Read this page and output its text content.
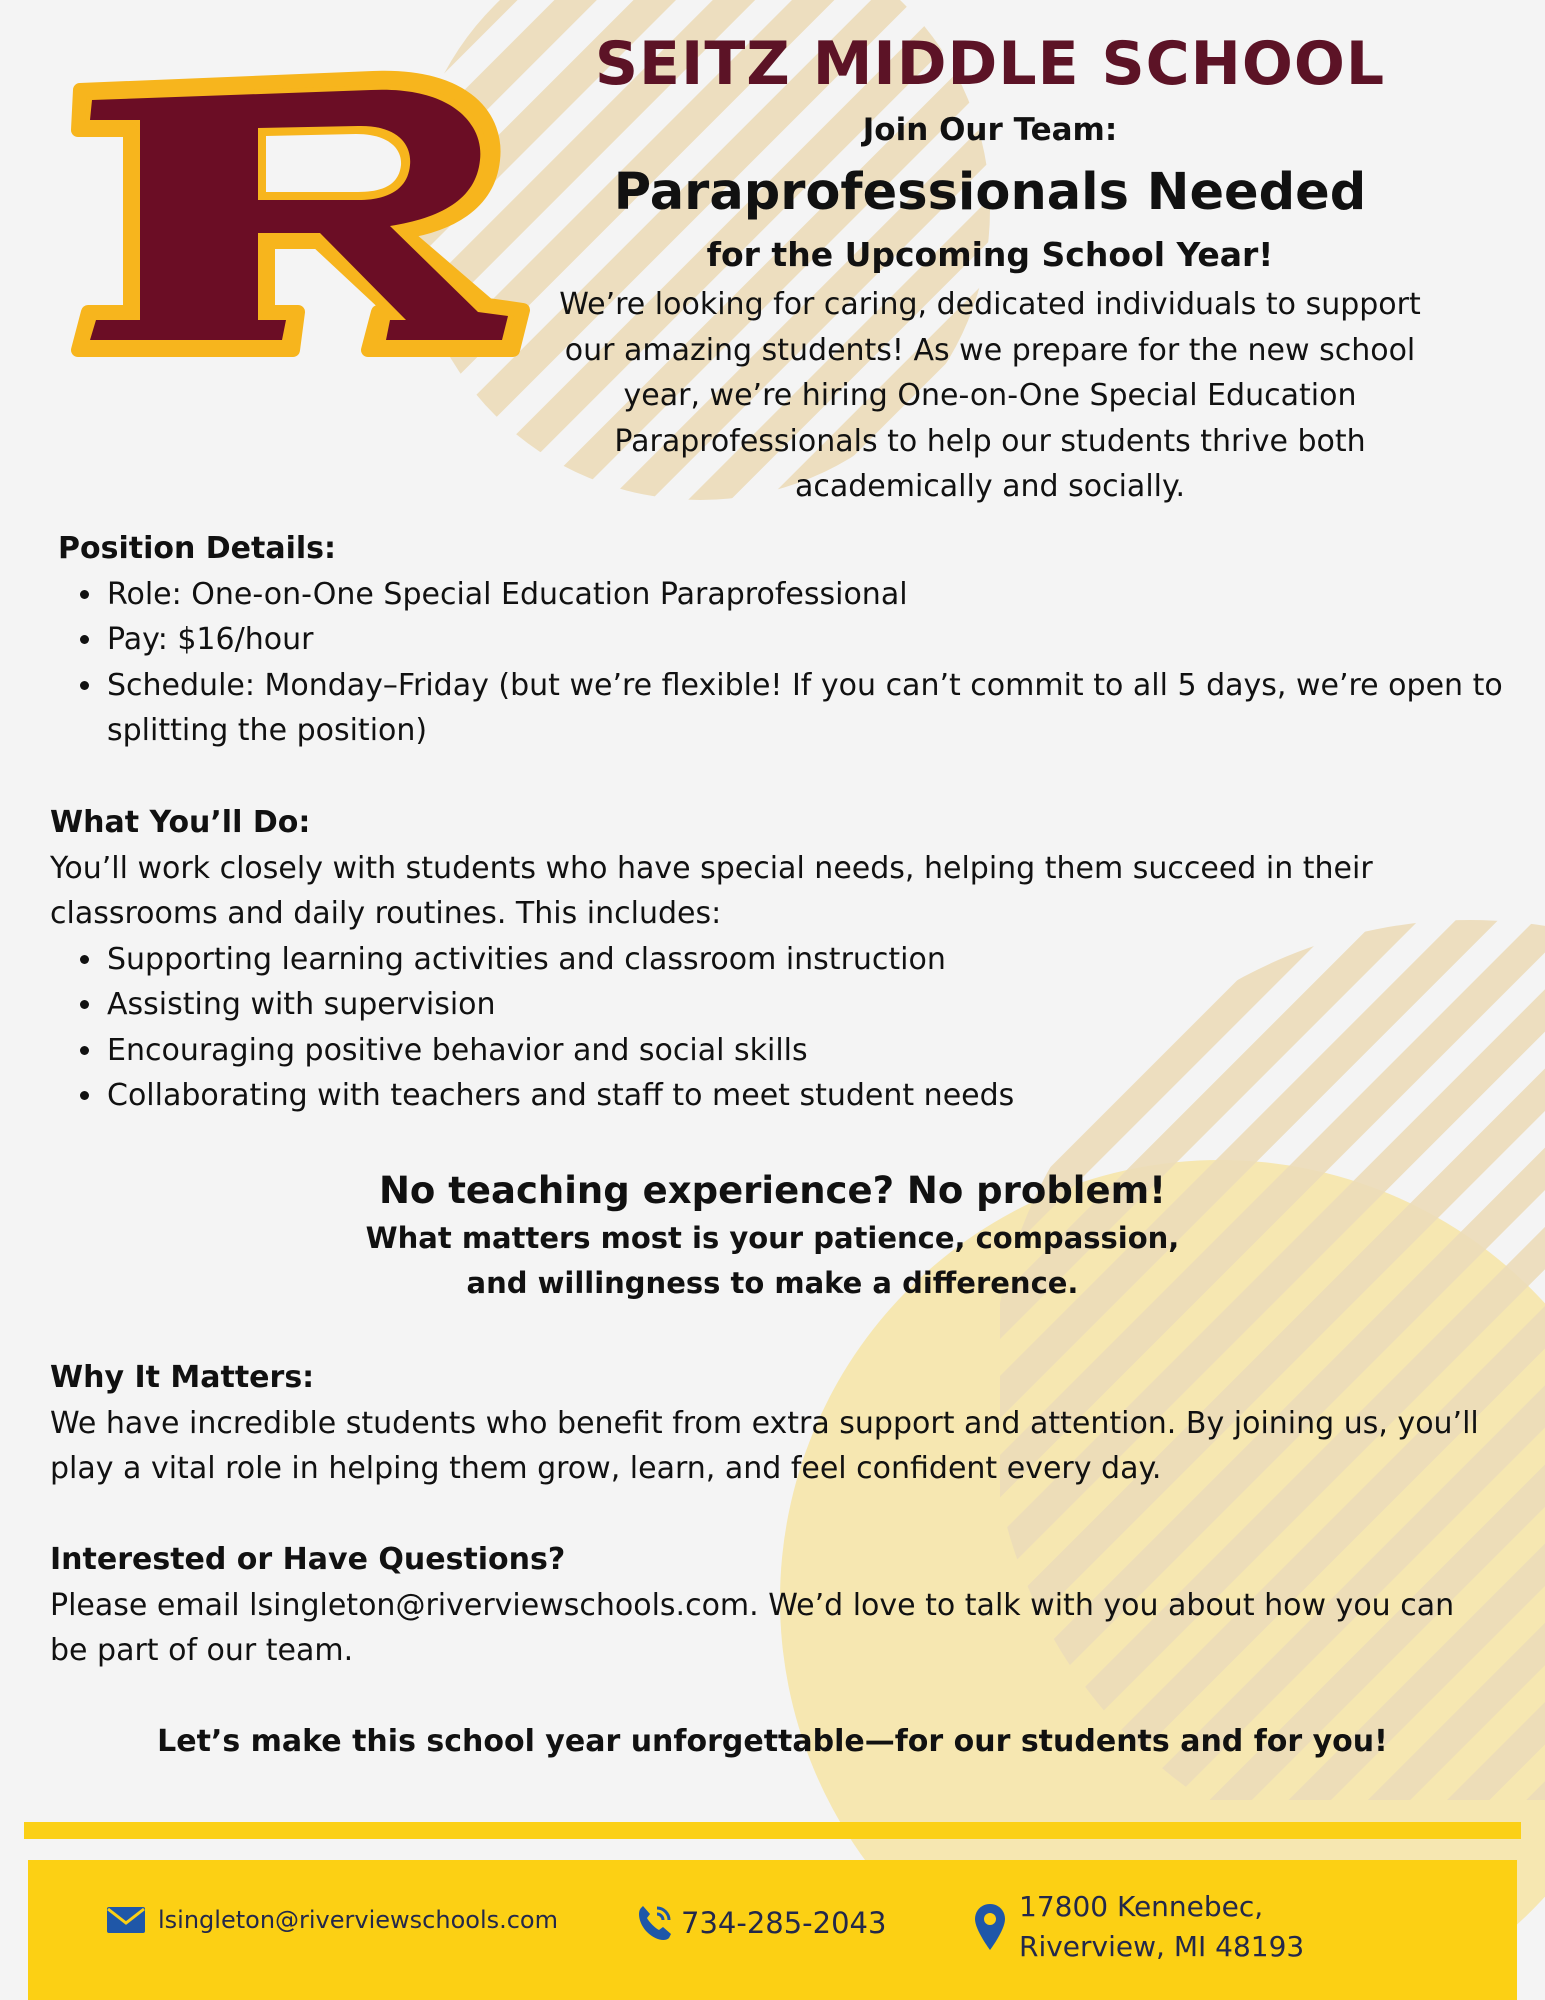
SEITZ MIDDLE SCHOOL
Join Our Team:
Paraprofessionals Needed
for the Upcoming School Year!
We’re looking for caring, dedicated individuals to support our amazing students! As we prepare for the new school year, we’re hiring One-on-One Special Education Paraprofessionals to help our students thrive both academically and socially.
Position Details:
• Role: One-on-One Special Education Paraprofessional
• Pay: $16/hour
• Schedule: Monday–Friday (but we’re flexible! If you can’t commit to all 5 days, we’re open to splitting the position)
What You’ll Do:

You’ll work closely with students who have special needs, helping them succeed in their classrooms and daily routines. This includes:

• Supporting learning activities and classroom instruction
• Assisting with supervision
• Encouraging positive behavior and social skills
• Collaborating with teachers and staff to meet student needs
No teaching experience? No problem!
What matters most is your patience, compassion,
and willingness to make a difference.
Why It Matters:

We have incredible students who benefit from extra support and attention. By joining us, you’ll play a vital role in helping them grow, learn, and feel confident every day.

Interested or Have Questions?

Please email lsingleton@riverviewschools.com. We’d love to talk with you about how you can be part of our team.

Let’s make this school year unforgettable—for our students and for you!
lsingleton@riverviewschools.com	734-285-2043	17800 Kennebec,
Riverview, MI 48193
